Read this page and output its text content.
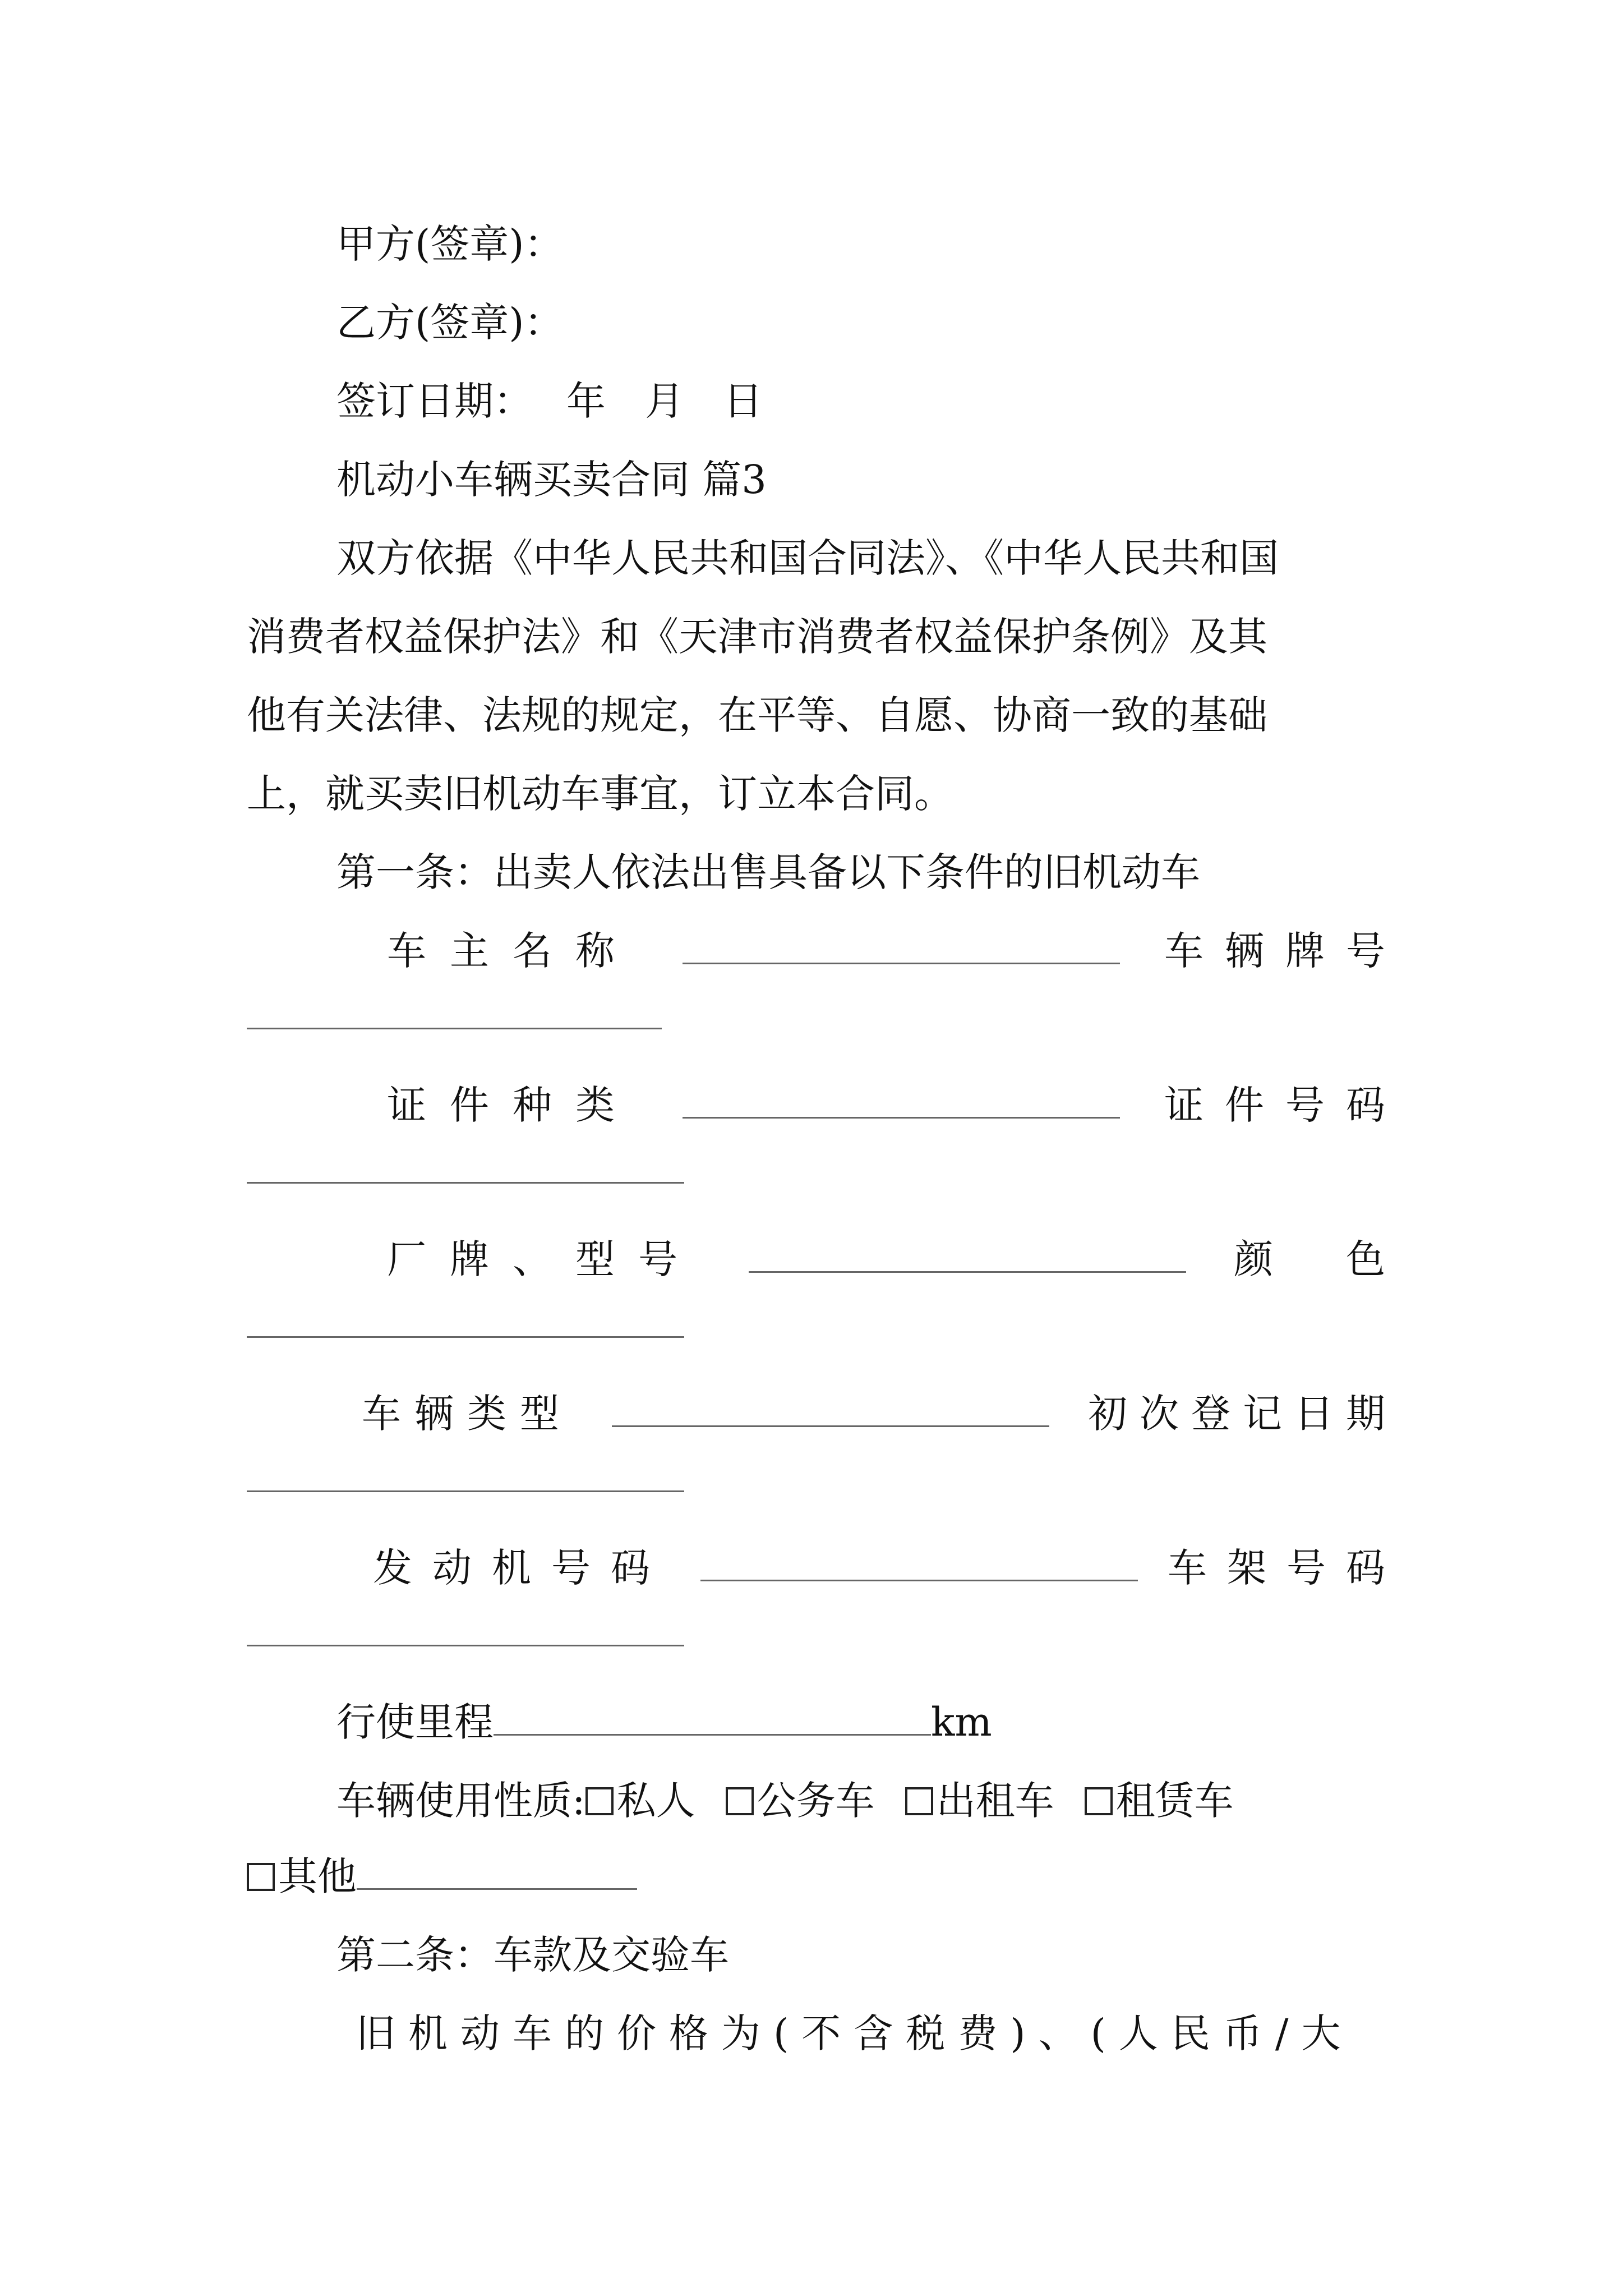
甲方(签章)：
乙方(签章)：
签订日期： 年 月 日
机动小车辆买卖合同 篇3
双方依据《中华人民共和国合同法》、《中华人民共和国
消费者权益保护法》和《天津市消费者权益保护条例》及其
他有关法律、法规的规定，在平等、自愿、协商一致的基础
上，就买卖旧机动车事宜，订立本合同。
第一条：出卖人依法出售具备以下条件的旧机动车
车主名称	车辆牌号
证件种类	证件号码
厂牌、型号	颜　色
车辆类型	初次登记日期
发动机号码	车架号码
行使里程	km
车辆使用性质: 私人 公务车 出租车 租赁车
其他
第二条：车款及交验车
旧机动车的价格为(不含税费)、(人民币/大
